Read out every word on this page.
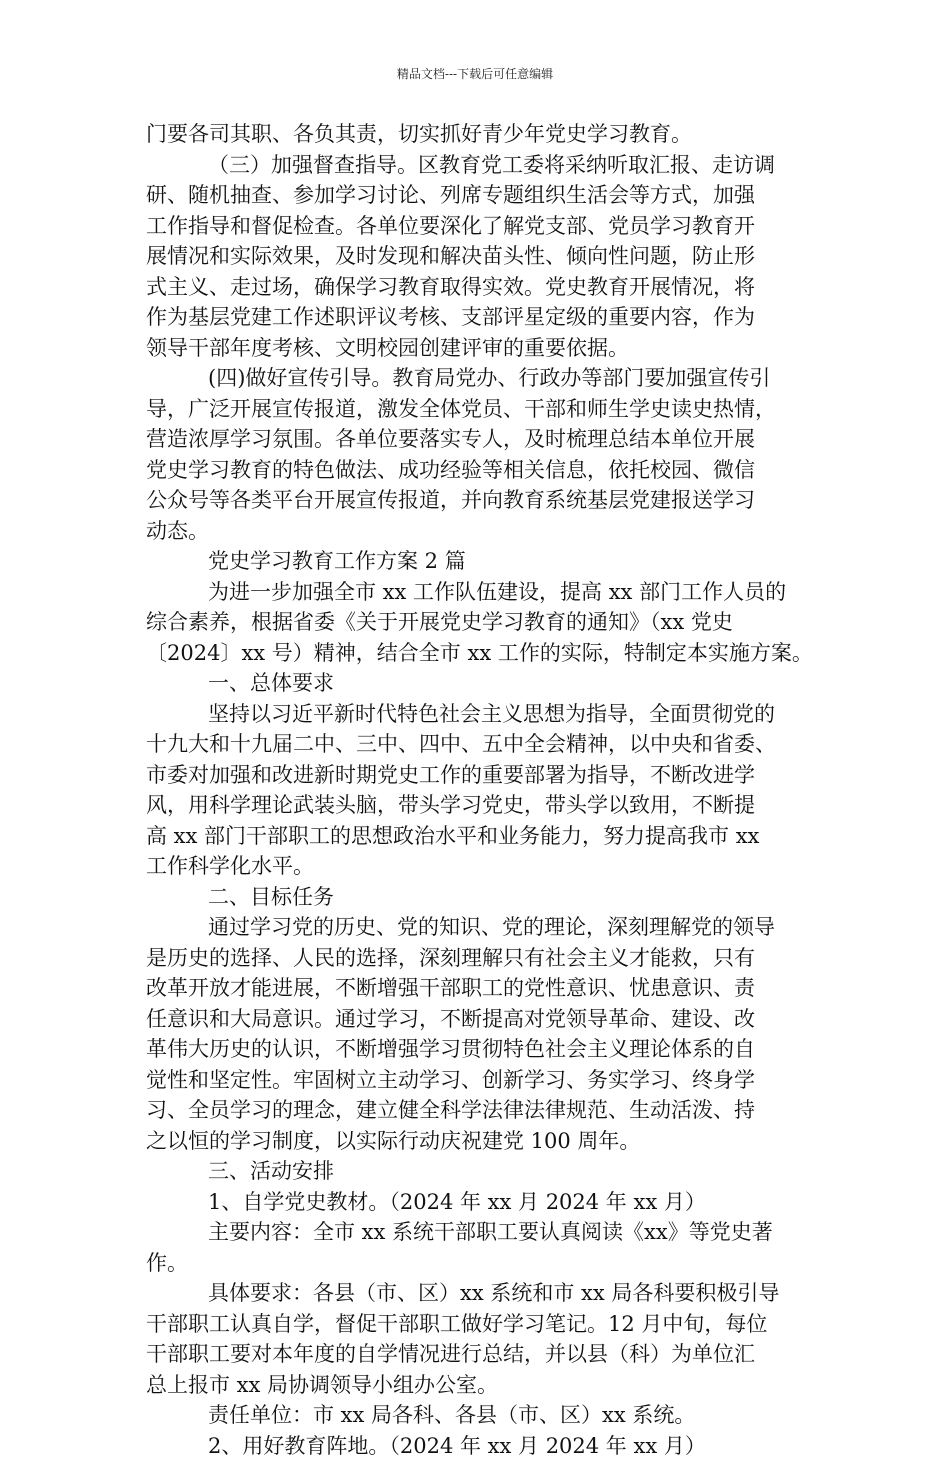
精品文档---下载后可任意编辑
门要各司其职、各负其责，切实抓好青少年党史学习教育。
（三）加强督查指导。区教育党工委将采纳听取汇报、走访调
研、随机抽查、参加学习讨论、列席专题组织生活会等方式，加强
工作指导和督促检查。各单位要深化了解党支部、党员学习教育开
展情况和实际效果，及时发现和解决苗头性、倾向性问题，防止形
式主义、走过场，确保学习教育取得实效。党史教育开展情况，将
作为基层党建工作述职评议考核、支部评星定级的重要内容，作为
领导干部年度考核、文明校园创建评审的重要依据。
(四)做好宣传引导。教育局党办、行政办等部门要加强宣传引
导，广泛开展宣传报道，激发全体党员、干部和师生学史读史热情，
营造浓厚学习氛围。各单位要落实专人，及时梳理总结本单位开展
党史学习教育的特色做法、成功经验等相关信息，依托校园、微信
公众号等各类平台开展宣传报道，并向教育系统基层党建报送学习
动态。
党史学习教育工作方案 2 篇
为进一步加强全市 xx 工作队伍建设，提高 xx 部门工作人员的
综合素养，根据省委《关于开展党史学习教育的通知》（xx 党史
〔2024〕xx 号）精神，结合全市 xx 工作的实际，特制定本实施方案。
一、总体要求
坚持以习近平新时代特色社会主义思想为指导，全面贯彻党的
十九大和十九届二中、三中、四中、五中全会精神，以中央和省委、
市委对加强和改进新时期党史工作的重要部署为指导，不断改进学
风，用科学理论武装头脑，带头学习党史，带头学以致用，不断提
高 xx 部门干部职工的思想政治水平和业务能力，努力提高我市 xx
工作科学化水平。
二、目标任务
通过学习党的历史、党的知识、党的理论，深刻理解党的领导
是历史的选择、人民的选择，深刻理解只有社会主义才能救，只有
改革开放才能进展，不断增强干部职工的党性意识、忧患意识、责
任意识和大局意识。通过学习，不断提高对党领导革命、建设、改
革伟大历史的认识，不断增强学习贯彻特色社会主义理论体系的自
觉性和坚定性。牢固树立主动学习、创新学习、务实学习、终身学
习、全员学习的理念，建立健全科学法律法律规范、生动活泼、持
之以恒的学习制度，以实际行动庆祝建党 100 周年。
三、活动安排
1、自学党史教材。（2024 年 xx 月 2024 年 xx 月）
主要内容：全市 xx 系统干部职工要认真阅读《xx》等党史著
作。
具体要求：各县（市、区）xx 系统和市 xx 局各科要积极引导
干部职工认真自学，督促干部职工做好学习笔记。12 月中旬，每位
干部职工要对本年度的自学情况进行总结，并以县（科）为单位汇
总上报市 xx 局协调领导小组办公室。
责任单位：市 xx 局各科、各县（市、区）xx 系统。
2、用好教育阵地。（2024 年 xx 月 2024 年 xx 月）
